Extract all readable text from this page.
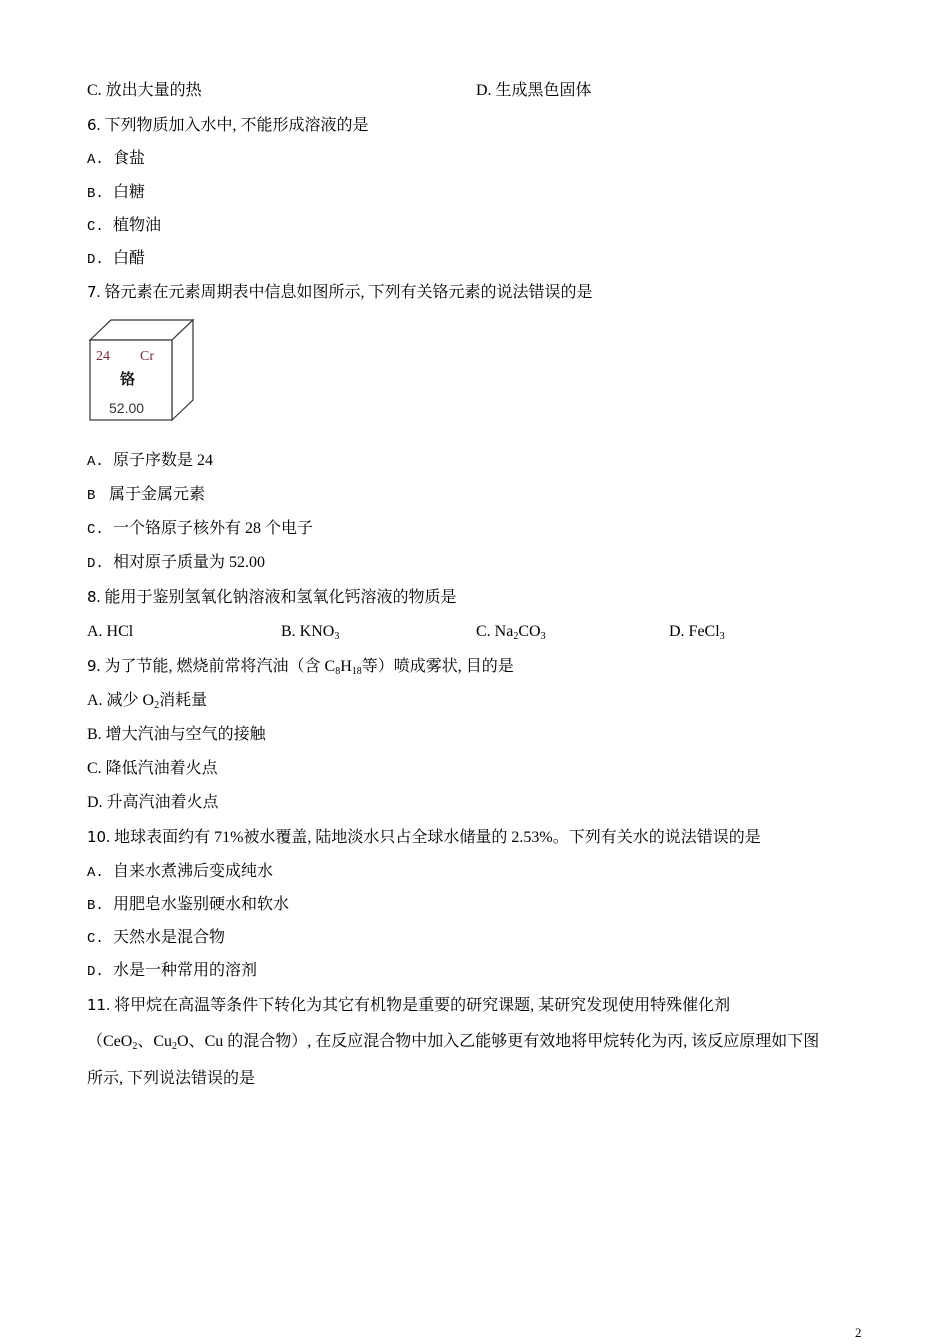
C. 放出大量的热	D. 生成黑色固体
6. 下列物质加入水中, 不能形成溶液的是
A. 食盐
B. 白糖
C. 植物油
D. 白醋
7. 铬元素在元素周期表中信息如图所示, 下列有关铬元素的说法错误的是
24 Cr
铬
52.00
A. 原子序数是 24
B 属于金属元素
C. 一个铬原子核外有 28 个电子
D. 相对原子质量为 52.00
8. 能用于鉴别氢氧化钠溶液和氢氧化钙溶液的物质是
A. HCl	B. $KNO_3$	C. $Na_2CO_3$	D. FeCl$_3$
9. 为了节能, 燃烧前常将汽油（含 $C_8H_{18}$等）喷成雾状, 目的是
A. 减少 $O_2$消耗量
B. 增大汽油与空气的接触
C. 降低汽油着火点
D. 升高汽油着火点
10. 地球表面约有 71%被水覆盖, 陆地淡水只占全球水储量的 2.53%。下列有关水的说法错误的是
A. 自来水煮沸后变成纯水
B. 用肥皂水鉴别硬水和软水
C. 天然水是混合物
D. 水是一种常用的溶剂
11. 将甲烷在高温等条件下转化为其它有机物是重要的研究课题, 某研究发现使用特殊催化剂
（CeO$_2$、$Cu_2O$、Cu 的混合物）, 在反应混合物中加入乙能够更有效地将甲烷转化为丙, 该反应原理如下图
所示, 下列说法错误的是
2
